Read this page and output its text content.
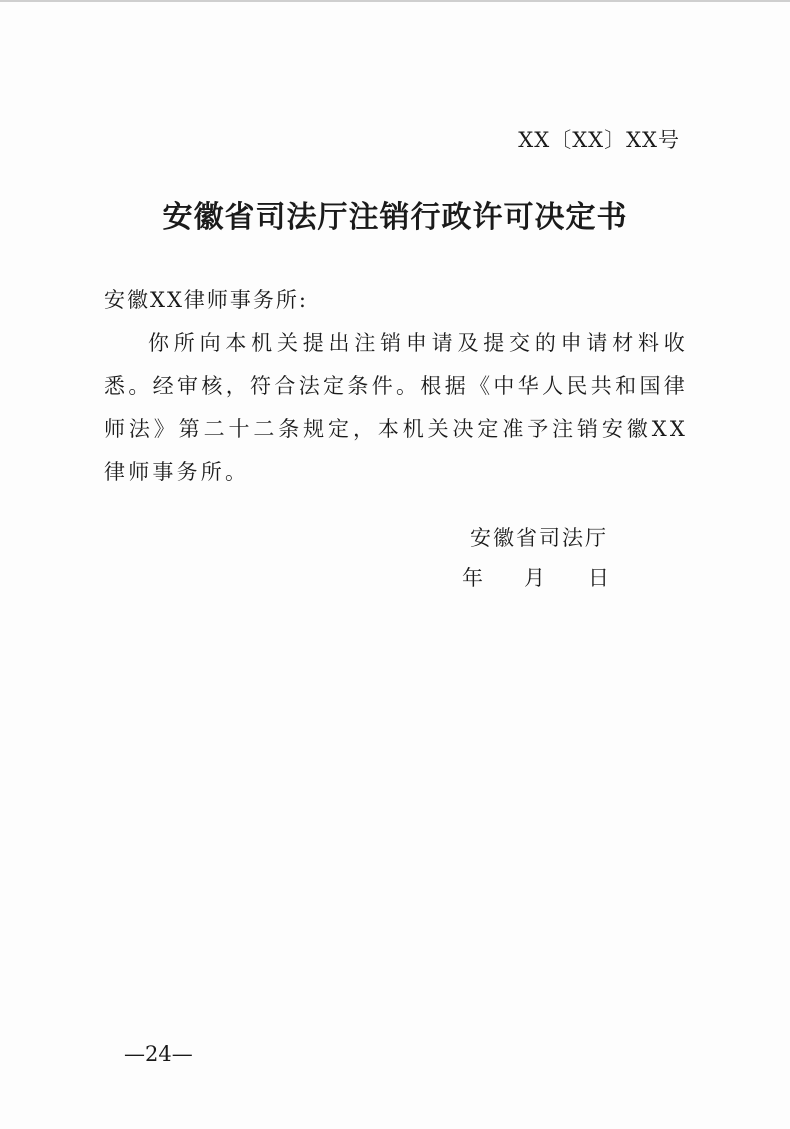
XX〔XX〕XX号
安徽省司法厅注销行政许可决定书
安徽XX律师事务所:

你所向本机关提出注销申请及提交的申请材料收悉。经审核，符合法定条件。根据《中华人民共和国律师法》第二十二条规定，本机关决定准予注销安徽XX律师事务所。

安徽省司法厅
年 月 日
—24—
